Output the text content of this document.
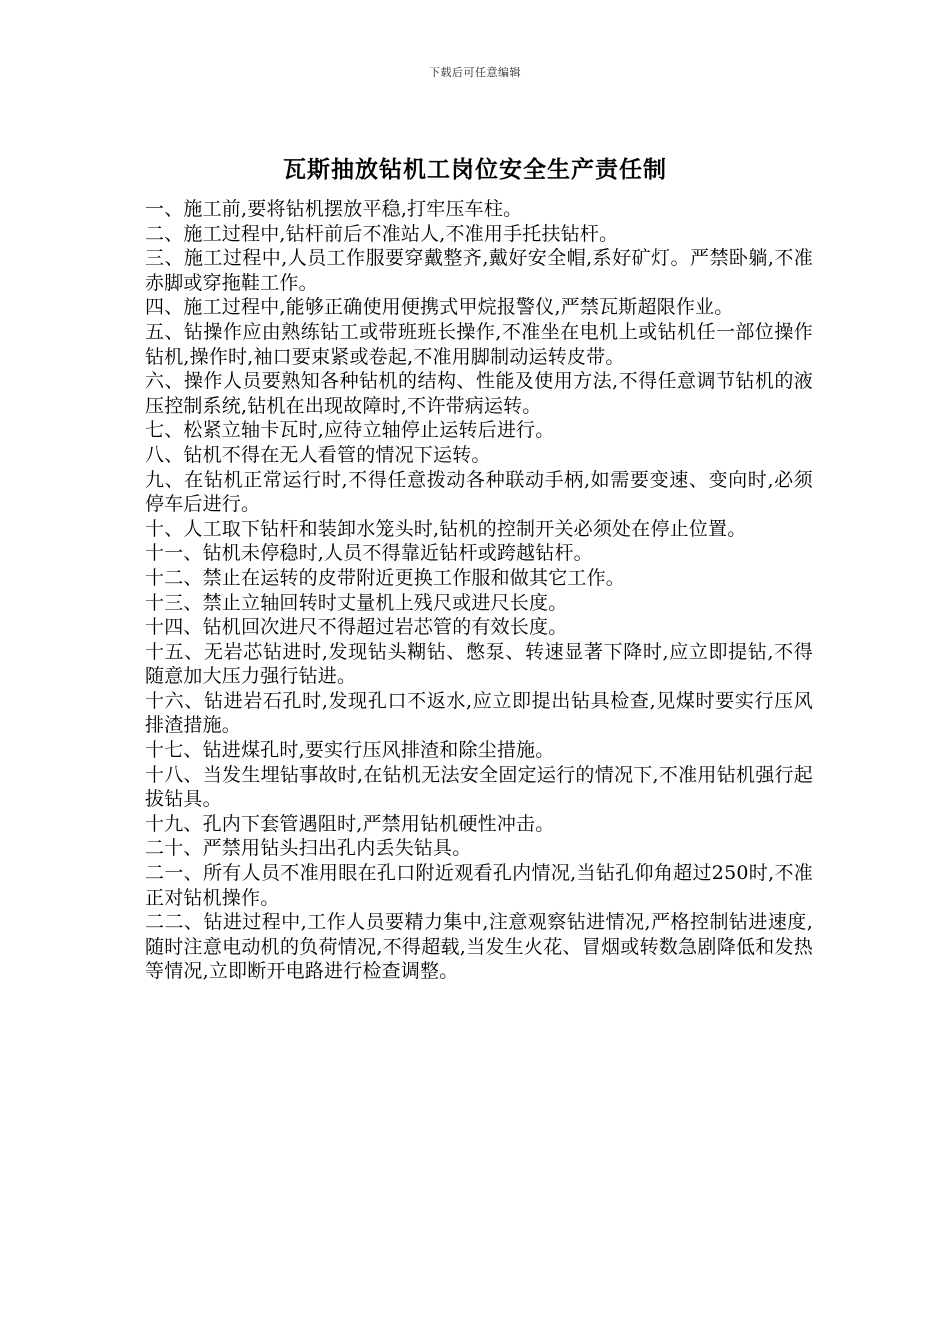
下载后可任意编辑
瓦斯抽放钻机工岗位安全生产责任制

一、施工前,要将钻机摆放平稳,打牢压车柱。

二、施工过程中,钻杆前后不准站人,不准用手托扶钻杆。

三、施工过程中,人员工作服要穿戴整齐,戴好安全帽,系好矿灯。严禁卧躺,不准赤脚或穿拖鞋工作。

四、施工过程中,能够正确使用便携式甲烷报警仪,严禁瓦斯超限作业。

五、钻操作应由熟练钻工或带班班长操作,不准坐在电机上或钻机任一部位操作钻机,操作时,袖口要束紧或卷起,不准用脚制动运转皮带。

六、操作人员要熟知各种钻机的结构、性能及使用方法,不得任意调节钻机的液压控制系统,钻机在出现故障时,不许带病运转。

七、松紧立轴卡瓦时,应待立轴停止运转后进行。

八、钻机不得在无人看管的情况下运转。

九、在钻机正常运行时,不得任意拨动各种联动手柄,如需要变速、变向时,必须停车后进行。

十、人工取下钻杆和装卸水笼头时,钻机的控制开关必须处在停止位置。

十一、钻机未停稳时,人员不得靠近钻杆或跨越钻杆。

十二、禁止在运转的皮带附近更换工作服和做其它工作。

十三、禁止立轴回转时丈量机上残尺或进尺长度。

十四、钻机回次进尺不得超过岩芯管的有效长度。

十五、无岩芯钻进时,发现钻头糊钻、憋泵、转速显著下降时,应立即提钻,不得随意加大压力强行钻进。

十六、钻进岩石孔时,发现孔口不返水,应立即提出钻具检查,见煤时要实行压风排渣措施。

十七、钻进煤孔时,要实行压风排渣和除尘措施。

十八、当发生埋钻事故时,在钻机无法安全固定运行的情况下,不准用钻机强行起拔钻具。

十九、孔内下套管遇阻时,严禁用钻机硬性冲击。

二十、严禁用钻头扫出孔内丢失钻具。

二一、所有人员不准用眼在孔口附近观看孔内情况,当钻孔仰角超过250时,不准正对钻机操作。

二二、钻进过程中,工作人员要精力集中,注意观察钻进情况,严格控制钻进速度,随时注意电动机的负荷情况,不得超载,当发生火花、冒烟或转数急剧降低和发热等情况,立即断开电路进行检查调整。
